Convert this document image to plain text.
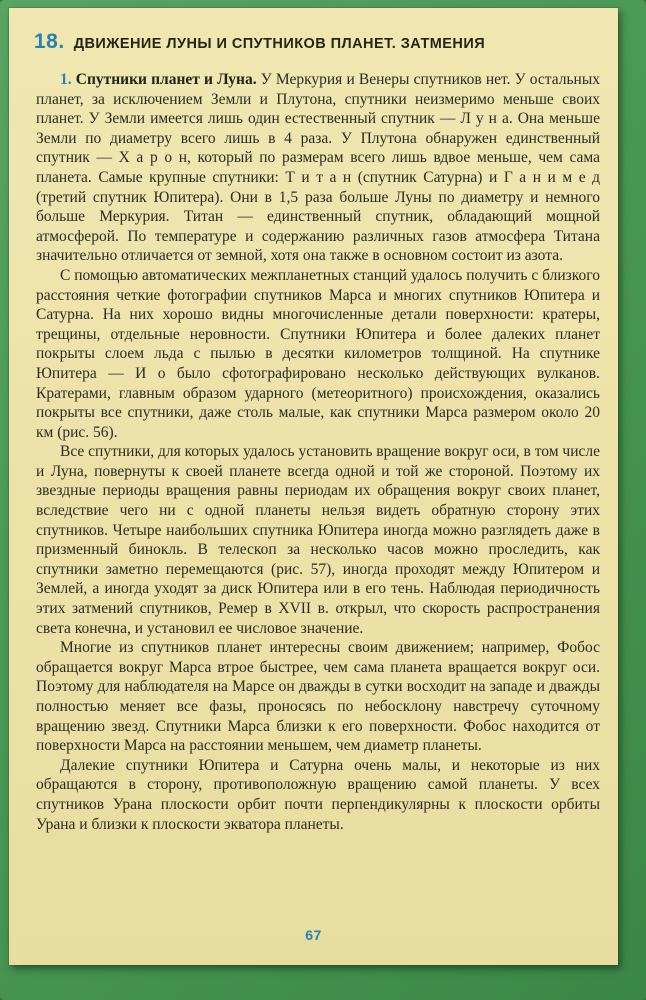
18. ДВИЖЕНИЕ ЛУНЫ И СПУТНИКОВ ПЛАНЕТ. ЗАТМЕНИЯ

1. Спутники планет и Луна. У Меркурия и Венеры спутников нет. У остальных планет, за исключением Земли и Плутона, спутники неизмеримо меньше своих планет. У Земли имеется лишь один естественный спутник — Л у н а. Она меньше Земли по диаметру всего лишь в 4 раза. У Плутона обнаружен единственный спутник — Х а р о н, который по размерам всего лишь вдвое меньше, чем сама планета. Самые крупные спутники: Т и т а н (спутник Сатурна) и Г а н и м е д (третий спутник Юпитера). Они в 1,5 раза больше Луны по диаметру и немного больше Меркурия. Титан — единственный спутник, обладающий мощной атмосферой. По температуре и содержанию различных газов атмосфера Титана значительно отличается от земной, хотя она также в основном состоит из азота.

С помощью автоматических межпланетных станций удалось получить с близкого расстояния четкие фотографии спутников Марса и многих спутников Юпитера и Сатурна. На них хорошо видны многочисленные детали поверхности: кратеры, трещины, отдельные неровности. Спутники Юпитера и более далеких планет покрыты слоем льда с пылью в десятки километров толщиной. На спутнике Юпитера — И о было сфотографировано несколько действующих вулканов. Кратерами, главным образом ударного (метеоритного) происхождения, оказались покрыты все спутники, даже столь малые, как спутники Марса размером около 20 км (рис. 56).

Все спутники, для которых удалось установить вращение вокруг оси, в том числе и Луна, повернуты к своей планете всегда одной и той же стороной. Поэтому их звездные периоды вращения равны периодам их обращения вокруг своих планет, вследствие чего ни с одной планеты нельзя видеть обратную сторону этих спутников. Четыре наибольших спутника Юпитера иногда можно разглядеть даже в призменный бинокль. В телескоп за несколько часов можно проследить, как спутники заметно перемещаются (рис. 57), иногда проходят между Юпитером и Землей, а иногда уходят за диск Юпитера или в его тень. Наблюдая периодичность этих затмений спутников, Ремер в XVII в. открыл, что скорость распространения света конечна, и установил ее числовое значение.

Многие из спутников планет интересны своим движением; например, Фобос обращается вокруг Марса втрое быстрее, чем сама планета вращается вокруг оси. Поэтому для наблюдателя на Марсе он дважды в сутки восходит на западе и дважды полностью меняет все фазы, проносясь по небосклону навстречу суточному вращению звезд. Спутники Марса близки к его поверхности. Фобос находится от поверхности Марса на расстоянии меньшем, чем диаметр планеты.

Далекие спутники Юпитера и Сатурна очень малы, и некоторые из них обращаются в сторону, противоположную вращению самой планеты. У всех спутников Урана плоскости орбит почти перпендикулярны к плоскости орбиты Урана и близки к плоскости экватора планеты.

67
